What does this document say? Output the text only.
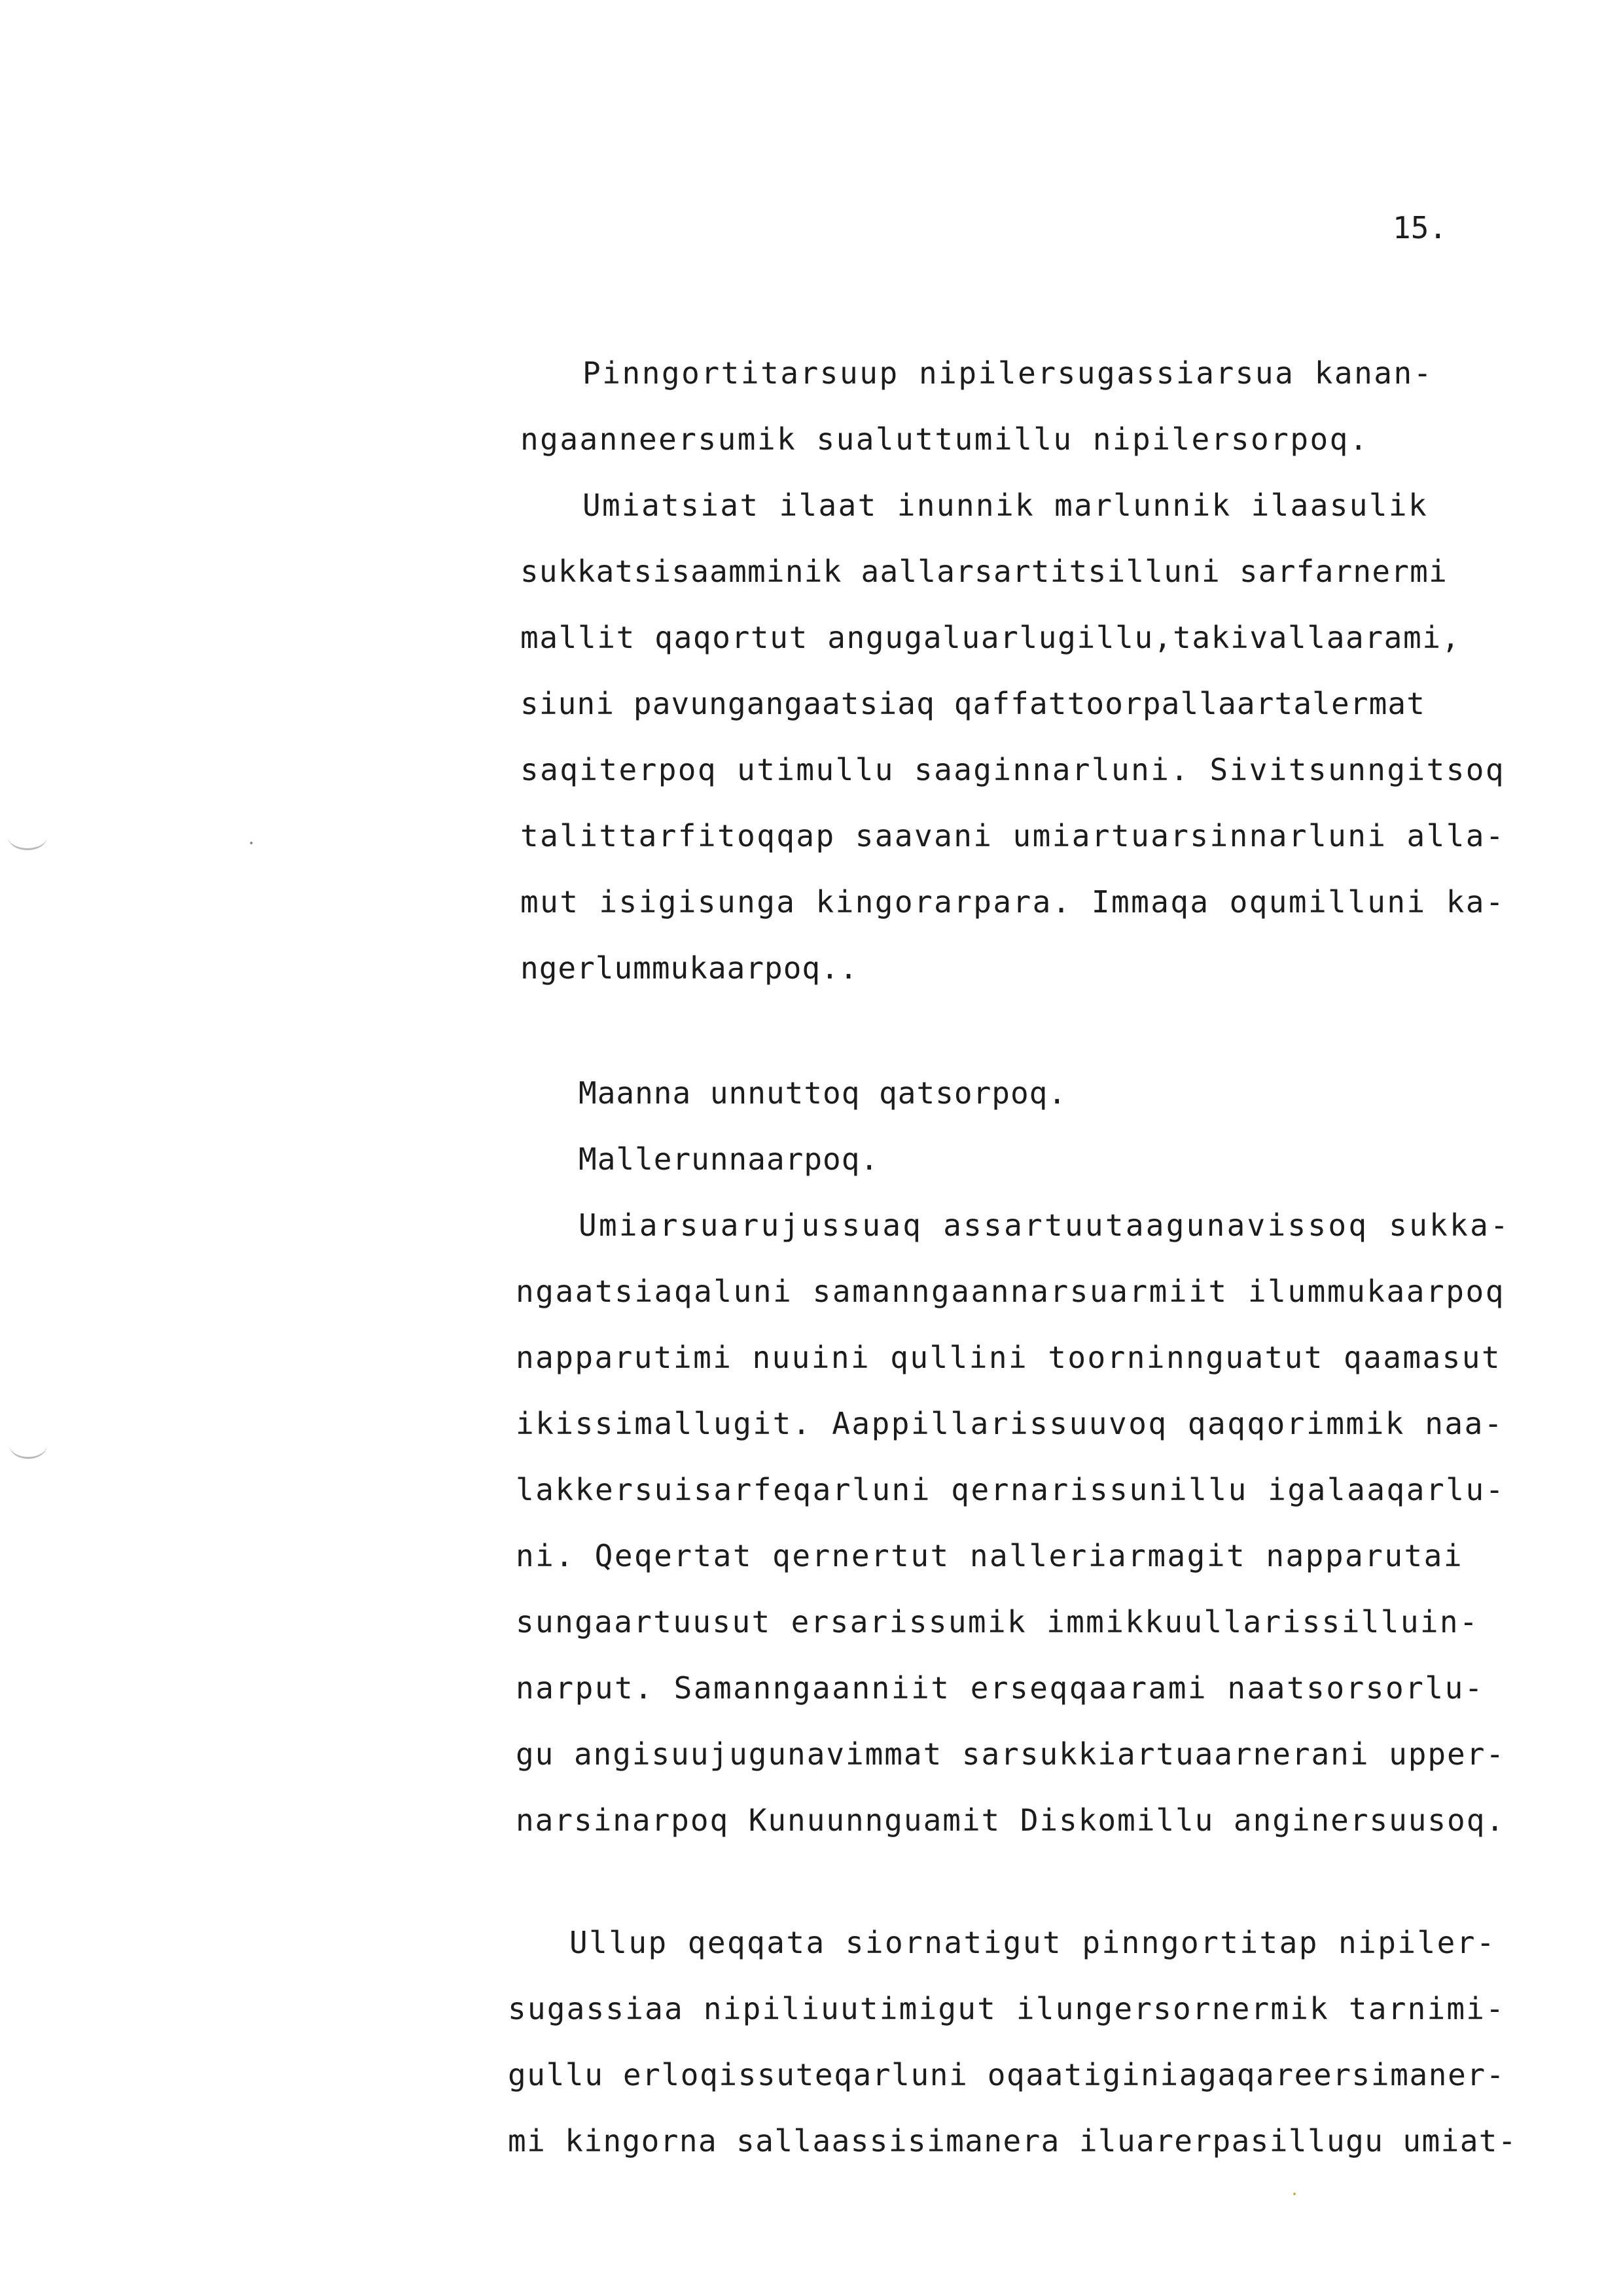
15.
Pinngortitarsuup nipilersugassiarsua kanan-
ngaanneersumik sualuttumillu nipilersorpoq.
Umiatsiat ilaat inunnik marlunnik ilaasulik
sukkatsisaamminik aallarsartitsilluni sarfarnermi
mallit qaqortut angugaluarlugillu,takivallaarami,
siuni pavungangaatsiaq qaffattoorpallaartalermat
saqiterpoq utimullu saaginnarluni. Sivitsunngitsoq
talittarfitoqqap saavani umiartuarsinnarluni alla-
mut isigisunga kingorarpara. Immaqa oqumilluni ka-
ngerlummukaarpoq..
Maanna unnuttoq qatsorpoq.
Mallerunnaarpoq.
Umiarsuarujussuaq assartuutaagunavissoq sukka-
ngaatsiaqaluni samanngaannarsuarmiit ilummukaarpoq
napparutimi nuuini qullini toorninnguatut qaamasut
ikissimallugit. Aappillarissuuvoq qaqqorimmik naa-
lakkersuisarfeqarluni qernarissunillu igalaaqarlu-
ni. Qeqertat qernertut nalleriarmagit napparutai
sungaartuusut ersarissumik immikkuullarissilluin-
narput. Samanngaanniit erseqqaarami naatsorsorlu-
gu angisuujugunavimmat sarsukkiartuaarnerani upper-
narsinarpoq Kunuunnguamit Diskomillu anginersuusoq.
Ullup qeqqata siornatigut pinngortitap nipiler-
sugassiaa nipiliuutimigut ilungersornermik tarnimi-
gullu erloqissuteqarluni oqaatiginiagaqareersimaner-
mi kingorna sallaassisimanera iluarerpasillugu umiat-
